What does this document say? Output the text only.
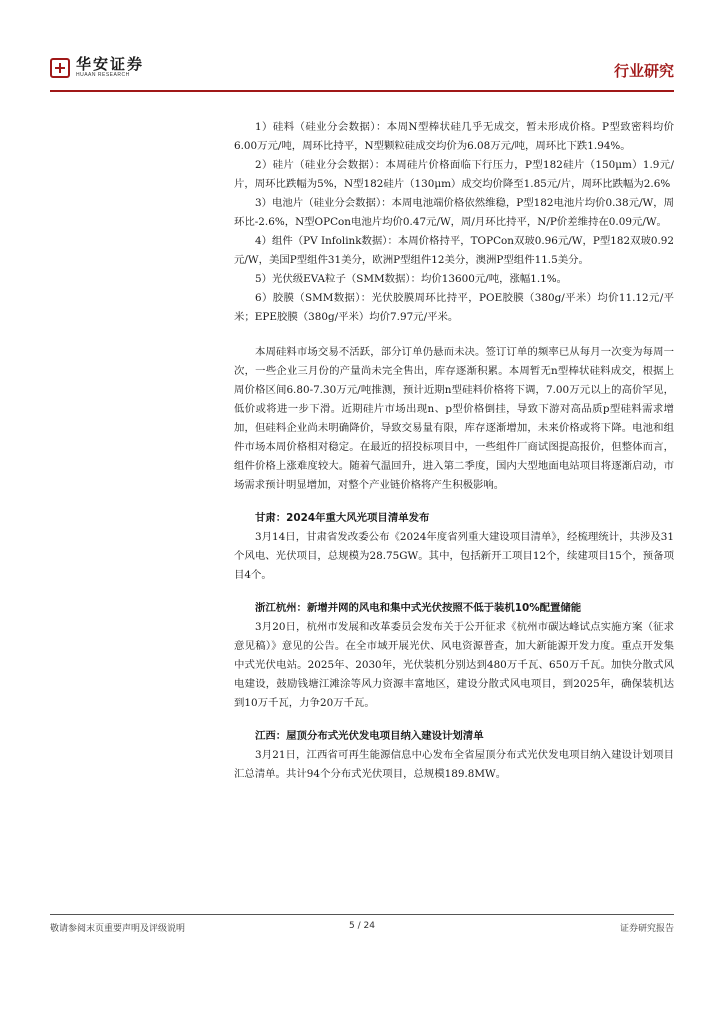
华安证券
HUAAN RESEARCH	行业研究

1）硅料（硅业分会数据）：本周N型棒状硅几乎无成交，暂未形成价格。P型致密料均价6.00万元/吨，周环比持平，N型颗粒硅成交均价为6.08万元/吨，周环比下跌1.94%。

2）硅片（硅业分会数据）：本周硅片价格面临下行压力，P型182硅片（150μm）1.9元/片，周环比跌幅为5%，N型182硅片（130μm）成交均价降至1.85元/片，周环比跌幅为2.6%

3）电池片（硅业分会数据）：本周电池端价格依然维稳，P型182电池片均价0.38元/W，周环比-2.6%，N型OPCon电池片均价0.47元/W，周/月环比持平，N/P价差维持在0.09元/W。

4）组件（PV Infolink数据）：本周价格持平，TOPCon双玻0.96元/W，P型182双玻0.92元/W，美国P型组件31美分，欧洲P型组件12美分，澳洲P型组件11.5美分。

5）光伏级EVA粒子（SMM数据）：均价13600元/吨，涨幅1.1%。

6）胶膜（SMM数据）：光伏胶膜周环比持平，POE胶膜（380g/平米）均价11.12元/平米；EPE胶膜（380g/平米）均价7.97元/平米。

本周硅料市场交易不活跃，部分订单仍悬而未决。签订订单的频率已从每月一次变为每周一次，一些企业三月份的产量尚未完全售出，库存逐渐积累。本周暂无n型棒状硅料成交，根据上周价格区间6.80-7.30万元/吨推测，预计近期n型硅料价格将下调，7.00万元以上的高价罕见，低价或将进一步下滑。近期硅片市场出现n、p型价格倒挂，导致下游对高品质p型硅料需求增加，但硅料企业尚未明确降价，导致交易量有限，库存逐渐增加，未来价格或将下降。电池和组件市场本周价格相对稳定。在最近的招投标项目中，一些组件厂商试图提高报价，但整体而言，组件价格上涨难度较大。随着气温回升，进入第二季度，国内大型地面电站项目将逐渐启动，市场需求预计明显增加，对整个产业链价格将产生积极影响。

甘肃：2024年重大风光项目清单发布

3月14日，甘肃省发改委公布《2024年度省列重大建设项目清单》，经梳理统计，共涉及31个风电、光伏项目，总规模为28.75GW。其中，包括新开工项目12个，续建项目15个，预备项目4个。

浙江杭州：新增并网的风电和集中式光伏按照不低于装机10%配置储能

3月20日，杭州市发展和改革委员会发布关于公开征求《杭州市碳达峰试点实施方案（征求意见稿）》意见的公告。在全市域开展光伏、风电资源普查，加大新能源开发力度。重点开发集中式光伏电站。2025年、2030年，光伏装机分别达到480万千瓦、650万千瓦。加快分散式风电建设，鼓励钱塘江滩涂等风力资源丰富地区，建设分散式风电项目，到2025年，确保装机达到10万千瓦，力争20万千瓦。

江西：屋顶分布式光伏发电项目纳入建设计划清单

3月21日，江西省可再生能源信息中心发布全省屋顶分布式光伏发电项目纳入建设计划项目汇总清单。共计94个分布式光伏项目，总规模189.8MW。

敬请参阅末页重要声明及评级说明	5 / 24	证券研究报告
